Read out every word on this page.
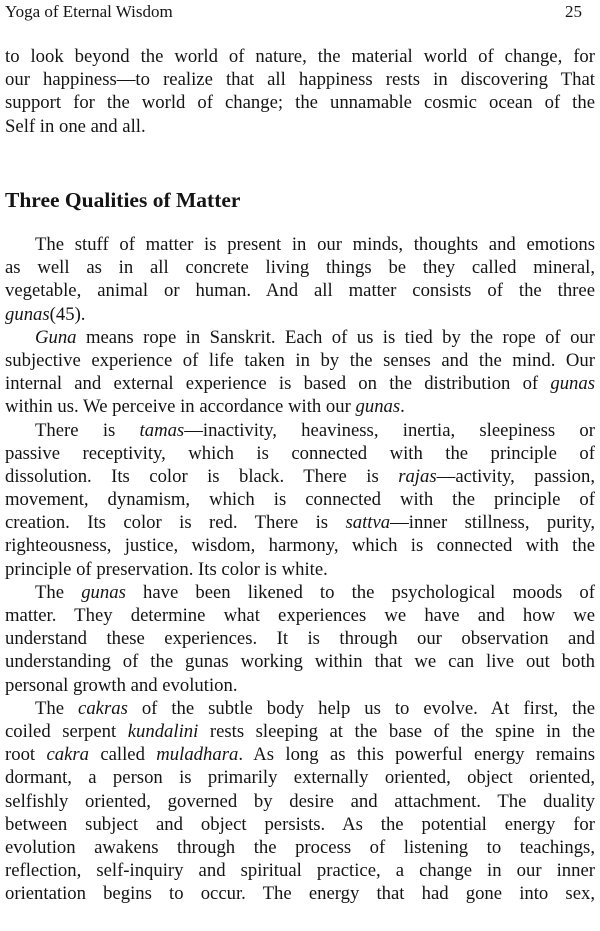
Yoga of Eternal Wisdom	25
to look beyond the world of nature, the material world of change, for
our happiness—to realize that all happiness rests in discovering That
support for the world of change; the unnamable cosmic ocean of the
Self in one and all.
Three Qualities of Matter
The stuff of matter is present in our minds, thoughts and emotions
as well as in all concrete living things be they called mineral,
vegetable, animal or human. And all matter consists of the three
gunas(45).
Guna means rope in Sanskrit. Each of us is tied by the rope of our
subjective experience of life taken in by the senses and the mind. Our
internal and external experience is based on the distribution of gunas
within us. We perceive in accordance with our gunas.
There is tamas—inactivity, heaviness, inertia, sleepiness or
passive receptivity, which is connected with the principle of
dissolution. Its color is black. There is rajas—activity, passion,
movement, dynamism, which is connected with the principle of
creation. Its color is red. There is sattva—inner stillness, purity,
righteousness, justice, wisdom, harmony, which is connected with the
principle of preservation. Its color is white.
The gunas have been likened to the psychological moods of
matter. They determine what experiences we have and how we
understand these experiences. It is through our observation and
understanding of the gunas working within that we can live out both
personal growth and evolution.
The cakras of the subtle body help us to evolve. At first, the
coiled serpent kundalini rests sleeping at the base of the spine in the
root cakra called muladhara. As long as this powerful energy remains
dormant, a person is primarily externally oriented, object oriented,
selfishly oriented, governed by desire and attachment. The duality
between subject and object persists. As the potential energy for
evolution awakens through the process of listening to teachings,
reflection, self-inquiry and spiritual practice, a change in our inner
orientation begins to occur. The energy that had gone into sex,
